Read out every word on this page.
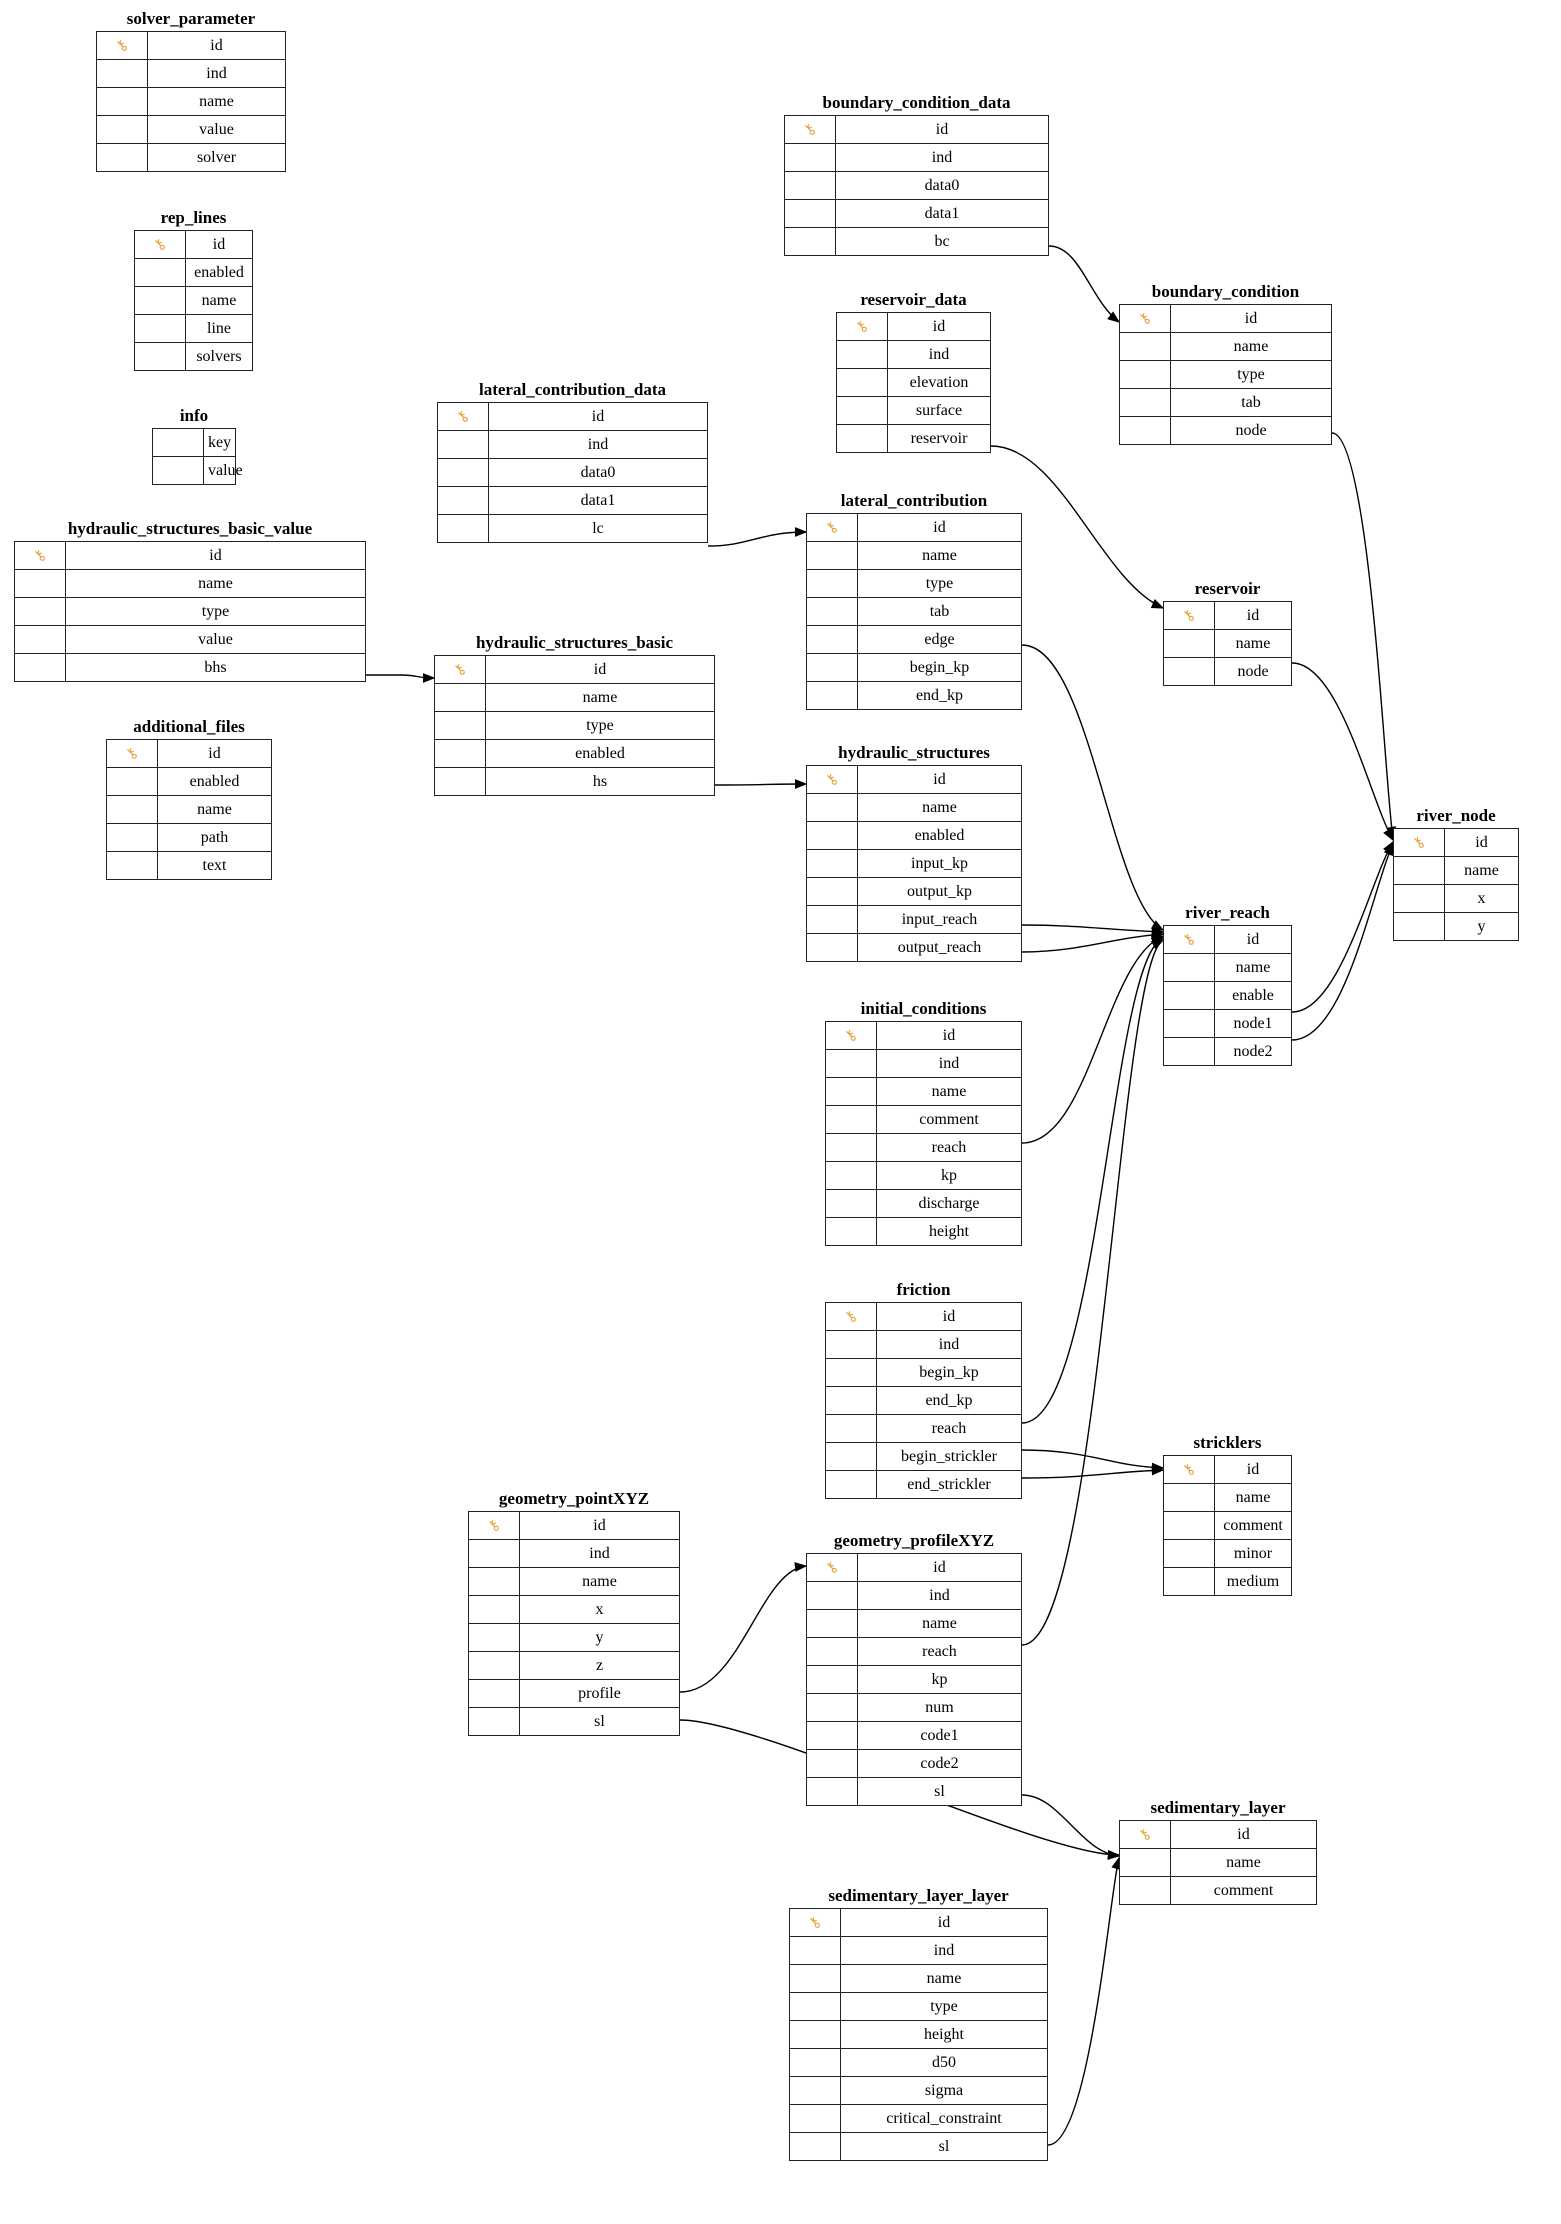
solver_parameter
⚷	id
	ind
	name
	value
	solver
rep_lines
⚷	id
	enabled
	name
	line
	solvers
info
	key
	value
hydraulic_structures_basic_value
⚷	id
	name
	type
	value
	bhs
additional_files
⚷	id
	enabled
	name
	path
	text
lateral_contribution_data
⚷	id
	ind
	data0
	data1
	lc
hydraulic_structures_basic
⚷	id
	name
	type
	enabled
	hs
boundary_condition_data
⚷	id
	ind
	data0
	data1
	bc
reservoir_data
⚷	id
	ind
	elevation
	surface
	reservoir
lateral_contribution
⚷	id
	name
	type
	tab
	edge
	begin_kp
	end_kp
hydraulic_structures
⚷	id
	name
	enabled
	input_kp
	output_kp
	input_reach
	output_reach
initial_conditions
⚷	id
	ind
	name
	comment
	reach
	kp
	discharge
	height
friction
⚷	id
	ind
	begin_kp
	end_kp
	reach
	begin_strickler
	end_strickler
geometry_pointXYZ
⚷	id
	ind
	name
	x
	y
	z
	profile
	sl
geometry_profileXYZ
⚷	id
	ind
	name
	reach
	kp
	num
	code1
	code2
	sl
sedimentary_layer_layer
⚷	id
	ind
	name
	type
	height
	d50
	sigma
	critical_constraint
	sl
boundary_condition
⚷	id
	name
	type
	tab
	node
reservoir
⚷	id
	name
	node
river_reach
⚷	id
	name
	enable
	node1
	node2
stricklers
⚷	id
	name
	comment
	minor
	medium
river_node
⚷	id
	name
	x
	y
sedimentary_layer
⚷	id
	name
	comment
